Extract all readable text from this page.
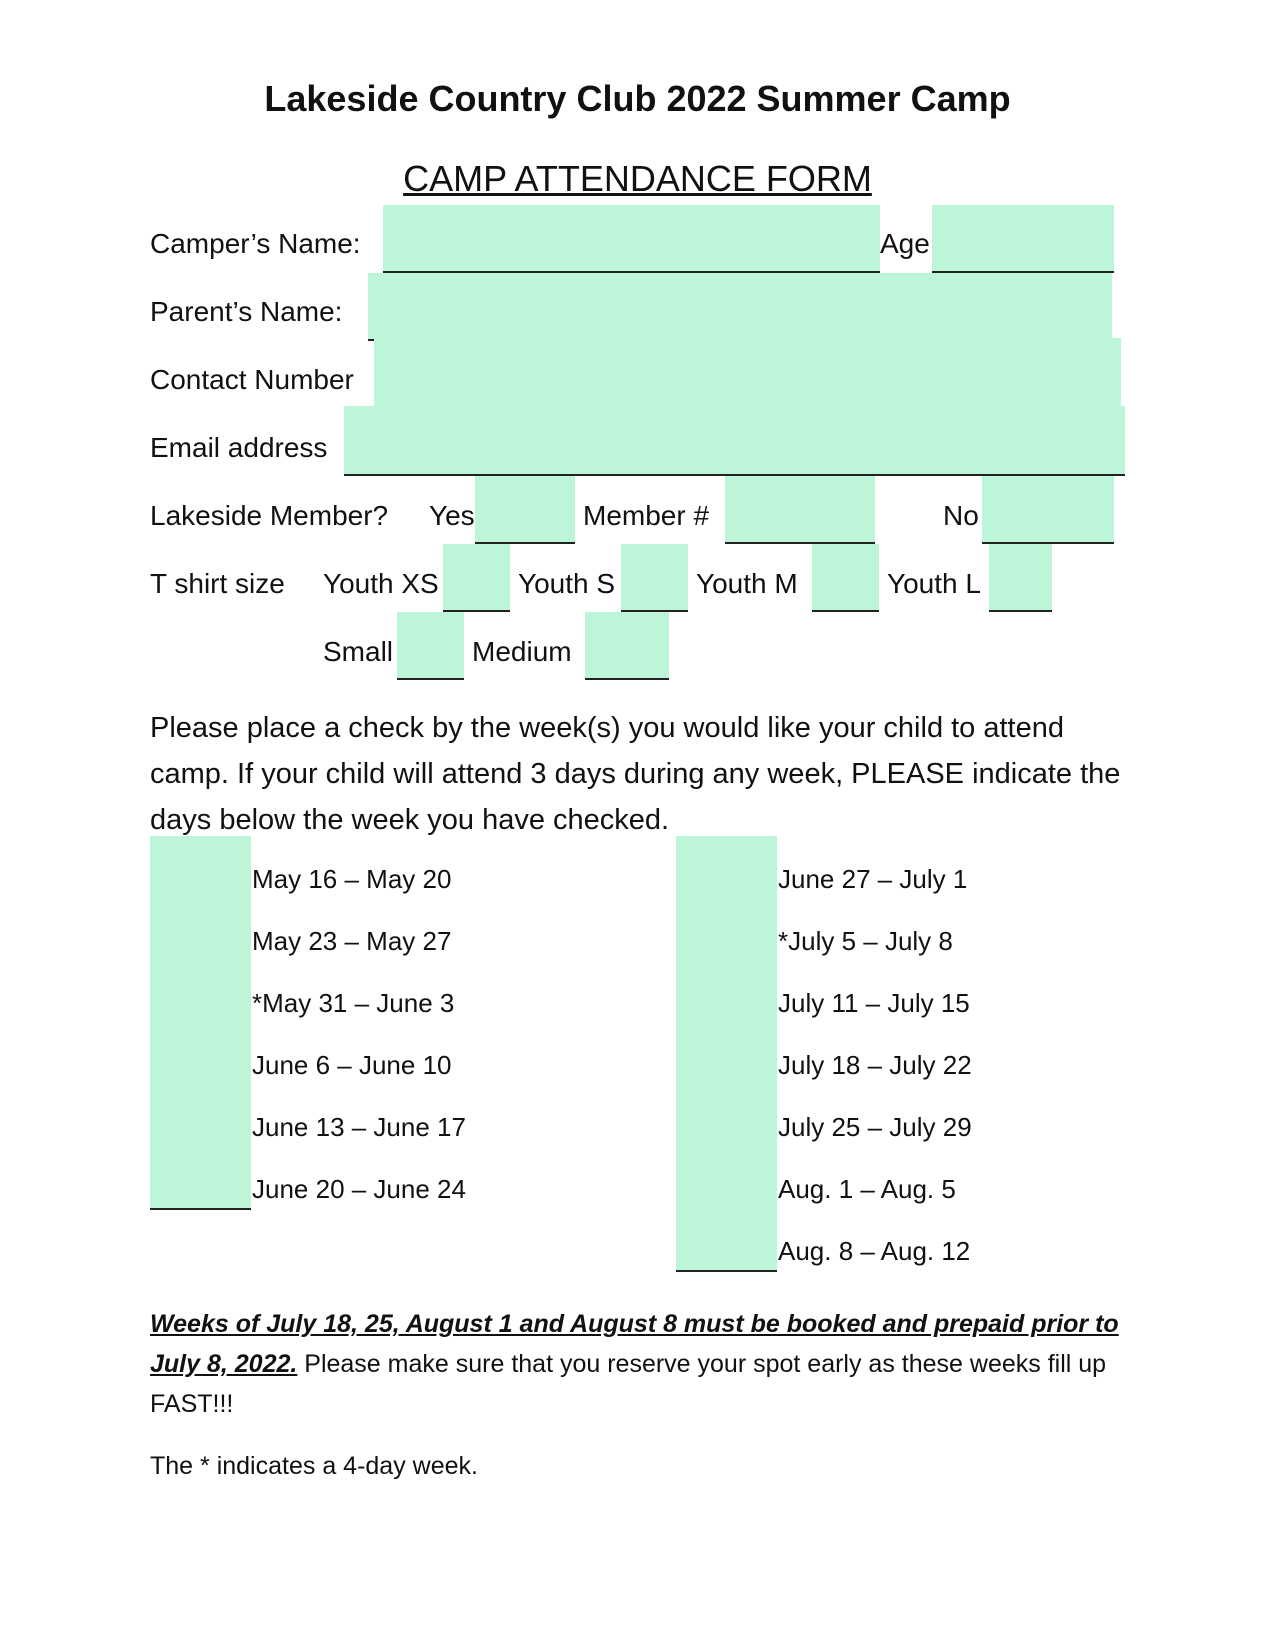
Lakeside Country Club 2022 Summer Camp
CAMP ATTENDANCE FORM
Camper’s Name:	Age
Parent’s Name:
Contact Number
Email address
Lakeside Member? Yes	Member #	No
T shirt size Youth XS	Youth S	Youth M	Youth L
Small	Medium
Please place a check by the week(s) you would like your child to attend camp. If your child will attend 3 days during any week, PLEASE indicate the days below the week you have checked.
May 16 – May 20
May 23 – May 27
*May 31 – June 3
June 6 – June 10
June 13 – June 17
June 20 – June 24
June 27 – July 1
*July 5 – July 8
July 11 – July 15
July 18 – July 22
July 25 – July 29
Aug. 1 – Aug. 5
Aug. 8 – Aug. 12
Weeks of July 18, 25, August 1 and August 8 must be booked and prepaid prior to July 8, 2022. Please make sure that you reserve your spot early as these weeks fill up FAST!!!
The * indicates a 4-day week.
